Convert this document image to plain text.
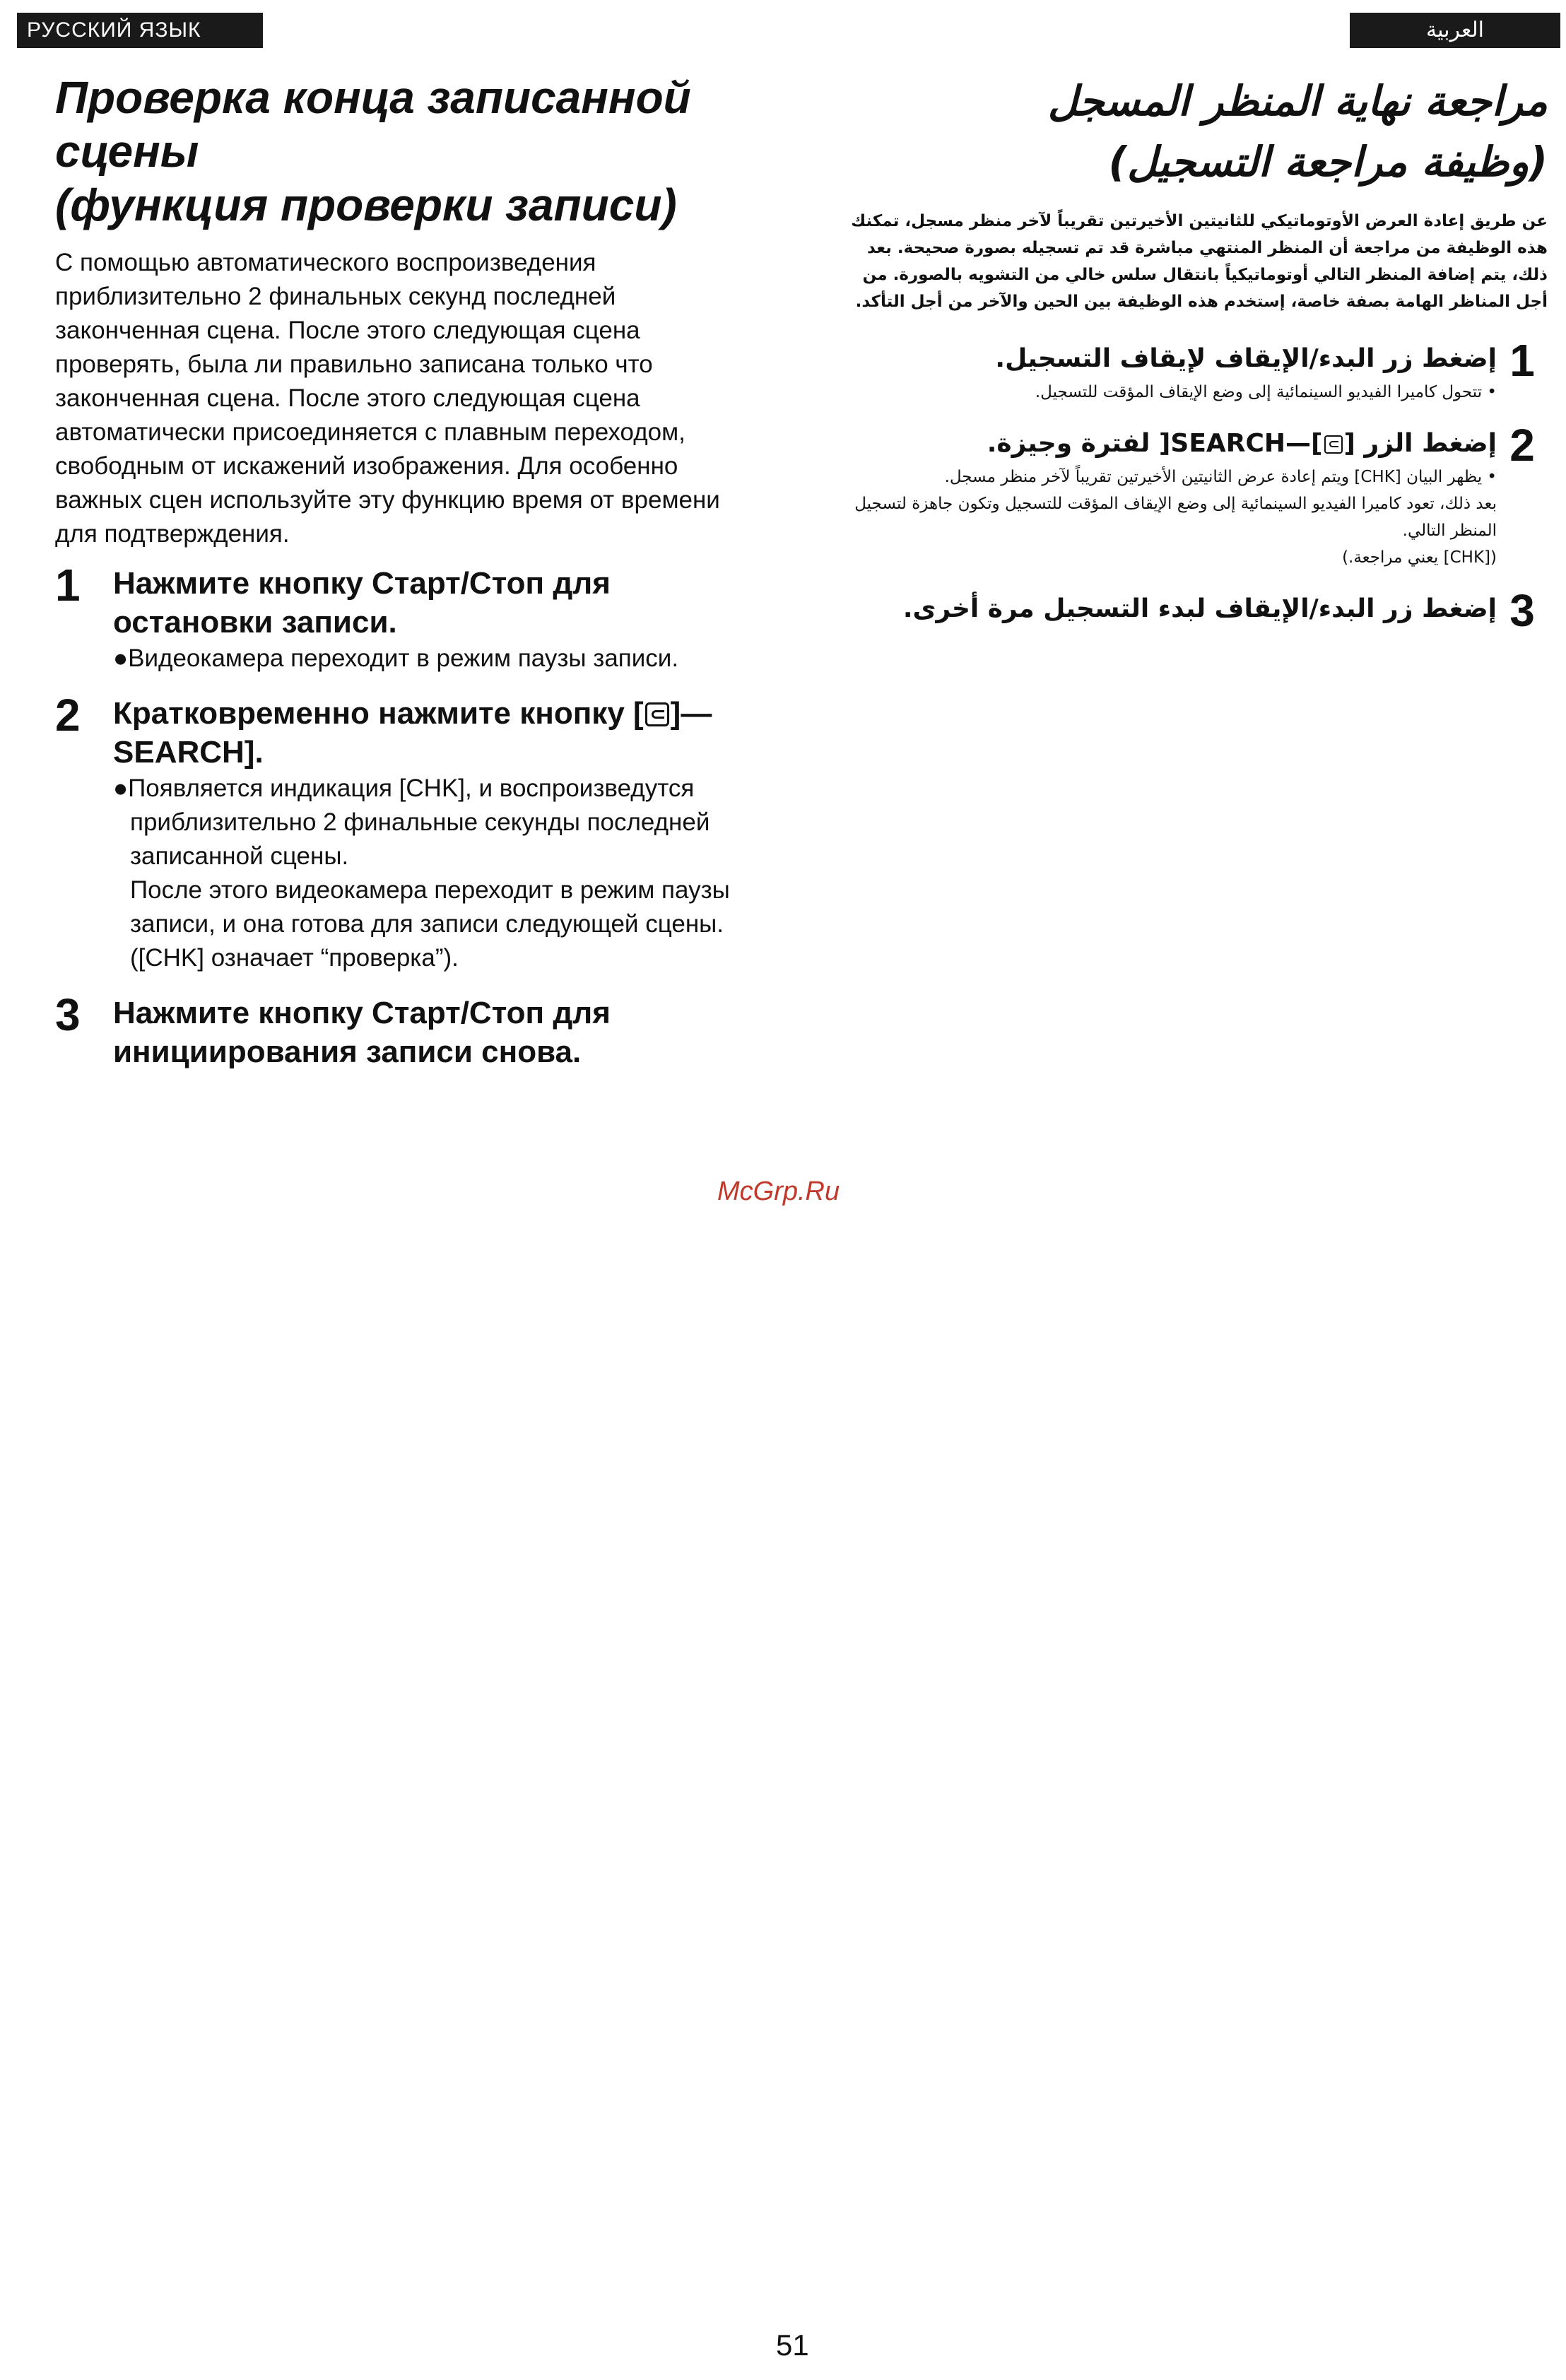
РУССКИЙ ЯЗЫК	العربية
Проверка конца записанной
сцены
(функция проверки записи)

С помощью автоматического воспроизведения приблизительно 2 финальных секунд последней законченная сцена. После этого следующая сцена проверять, была ли правильно записана только что законченная сцена. После этого следующая сцена автоматически присоединяется с плавным переходом, свободным от искажений изображения. Для особенно важных сцен используйте эту функцию время от времени для подтверждения.

1	Нажмите кнопку Старт/Стоп для остановки записи.
●Видеокамера переходит в режим паузы записи.
2	Кратковременно нажмите кнопку [ ]—SEARCH].
●Появляется индикация [CHK], и воспроизведутся приблизительно 2 финальные секунды последней записанной сцены.
После этого видеокамера переходит в режим паузы записи, и она готова для записи следующей сцены.
([CHK] означает “проверка”).
3	Нажмите кнопку Старт/Стоп для инициирования записи снова.
مراجعة نهاية المنظر المسجل
(وظيفة مراجعة التسجيل)

عن طريق إعادة العرض الأوتوماتيكي للثانيتين الأخيرتين تقريباً لآخر منظر مسجل، تمكنك هذه الوظيفة من مراجعة أن المنظر المنتهي مباشرة قد تم تسجيله بصورة صحيحة. بعد ذلك، يتم إضافة المنظر التالي أوتوماتيكياً بانتقال سلس خالي من التشويه بالصورة. من أجل المناظر الهامة بصفة خاصة، إستخدم هذه الوظيفة بين الحين والآخر من أجل التأكد.

1
إضغط زر البدء/الإيقاف لإيقاف التسجيل.
• تتحول كاميرا الفيديو السينمائية إلى وضع الإيقاف المؤقت للتسجيل.
2
إضغط الزر []—SEARCH[ لفترة وجيزة.
• يظهر البيان [CHK] ويتم إعادة عرض الثانيتين الأخيرتين تقريباً لآخر منظر مسجل.
بعد ذلك، تعود كاميرا الفيديو السينمائية إلى وضع الإيقاف المؤقت للتسجيل وتكون جاهزة لتسجيل المنظر التالي.
([CHK] يعني مراجعة.)
3
إضغط زر البدء/الإيقاف لبدء التسجيل مرة أخرى.
McGrp.Ru
51
